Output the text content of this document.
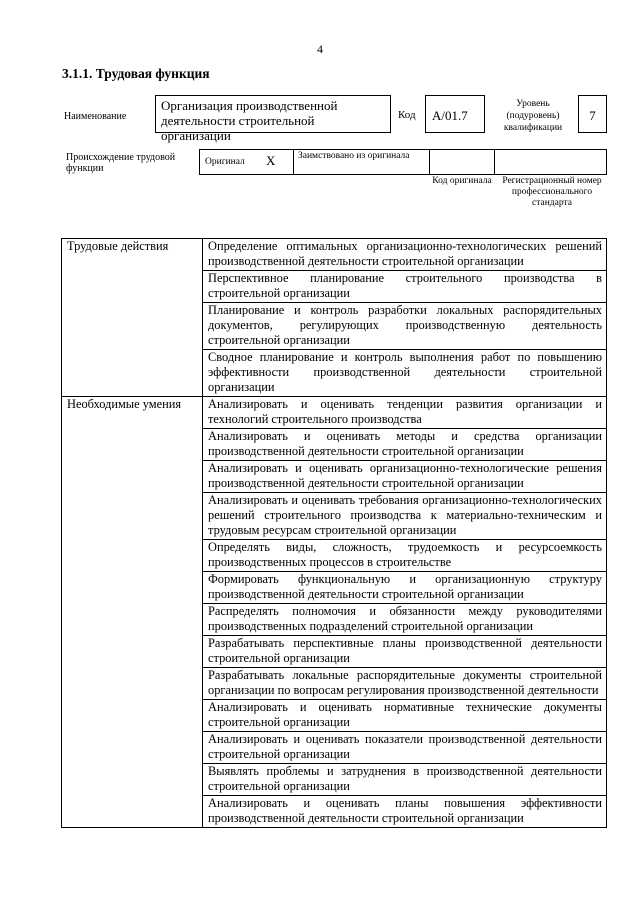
4
3.1.1. Трудовая функция
Наименование
Организация производственной деятельности строительной организации
Код	A/01.7
Уровень (подуровень) квалификации
7
Происхождение трудовой функции
Оригинал X Заимствовано из оригинала
Код оригинала Регистрационный номер профессионального стандарта
Трудовые действия	Определение оптимальных организационно-технологических решений производственной деятельности строительной организации
	Перспективное планирование строительного производства в строительной организации
	Планирование и контроль разработки локальных распорядительных документов, регулирующих производственную деятельность строительной организации
	Сводное планирование и контроль выполнения работ по повышению эффективности производственной деятельности строительной организации
Необходимые умения	Анализировать и оценивать тенденции развития организации и технологий строительного производства
	Анализировать и оценивать методы и средства организации производственной деятельности строительной организации
	Анализировать и оценивать организационно-технологические решения производственной деятельности строительной организации
	Анализировать и оценивать требования организационно-технологических решений строительного производства к материально-техническим и трудовым ресурсам строительной организации
	Определять виды, сложность, трудоемкость и ресурсоемкость производственных процессов в строительстве
	Формировать функциональную и организационную структуру производственной деятельности строительной организации
	Распределять полномочия и обязанности между руководителями производственных подразделений строительной организации
	Разрабатывать перспективные планы производственной деятельности строительной организации
	Разрабатывать локальные распорядительные документы строительной организации по вопросам регулирования производственной деятельности
	Анализировать и оценивать нормативные технические документы строительной организации
	Анализировать и оценивать показатели производственной деятельности строительной организации
	Выявлять проблемы и затруднения в производственной деятельности строительной организации
	Анализировать и оценивать планы повышения эффективности производственной деятельности строительной организации
